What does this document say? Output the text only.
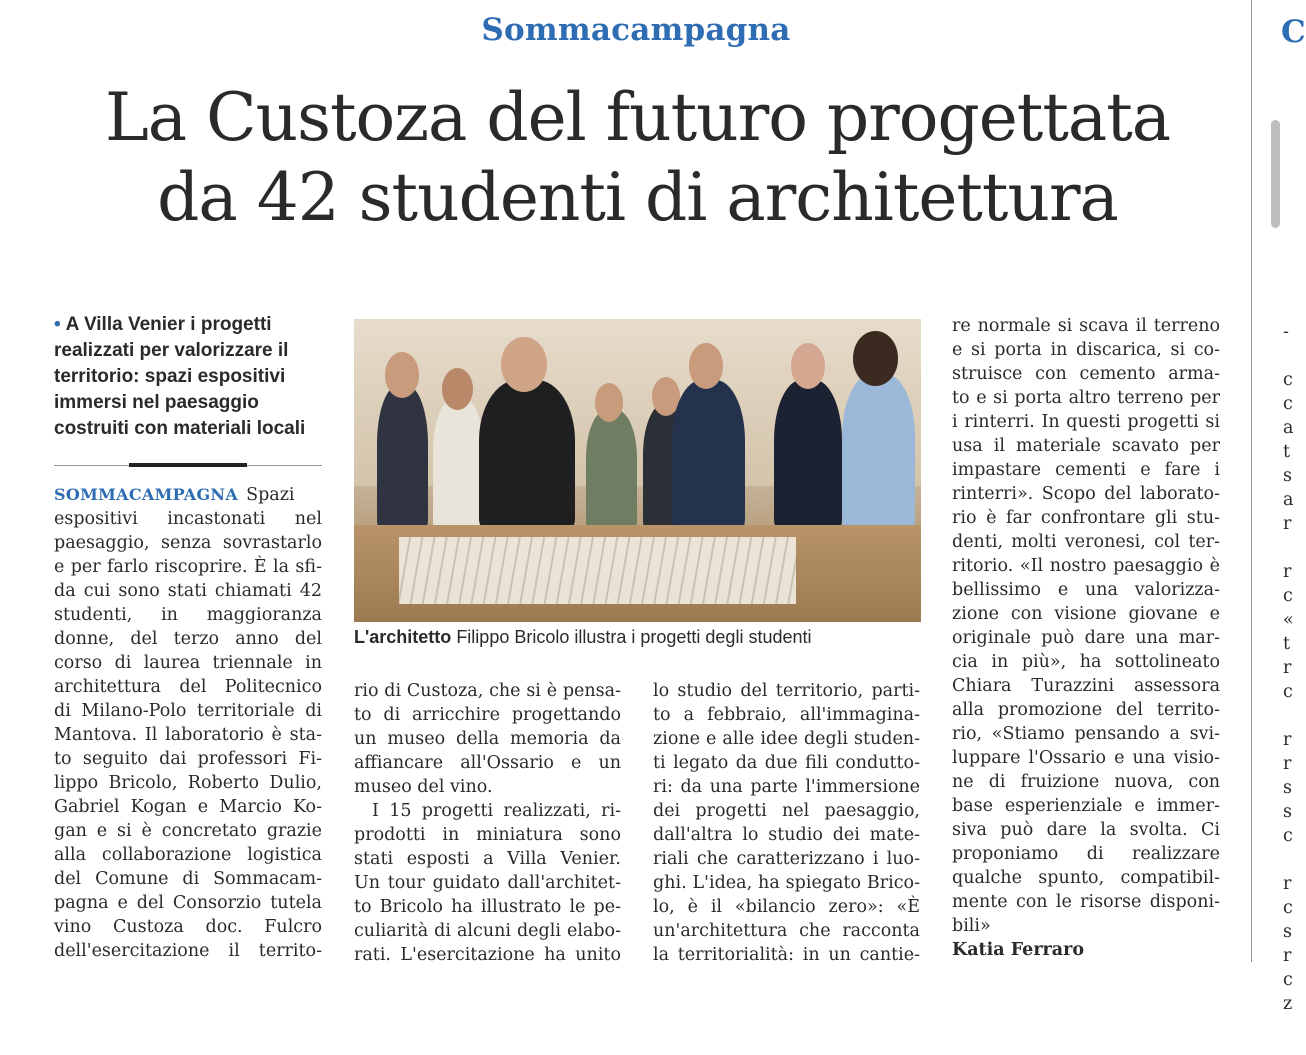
Sommacampagna
La Custoza del futuro progettata
da 42 studenti di architettura
• A Villa Venier i progetti realizzati per valorizzare il territorio: spazi espositivi immersi nel paesaggio costruiti con materiali locali
SOMMACAMPAGNA Spazi
espositivi incastonati nel
paesaggio, senza sovrastarlo
e per farlo riscoprire. È la sfi-
da cui sono stati chiamati 42
studenti, in maggioranza
donne, del terzo anno del
corso di laurea triennale in
architettura del Politecnico
di Milano-Polo territoriale di
Mantova. Il laboratorio è sta-
to seguito dai professori Fi-
lippo Bricolo, Roberto Dulio,
Gabriel Kogan e Marcio Ko-
gan e si è concretato grazie
alla collaborazione logistica
del Comune di Sommacam-
pagna e del Consorzio tutela
vino Custoza doc. Fulcro
dell'esercitazione il territo-
L'architetto Filippo Bricolo illustra i progetti degli studenti
rio di Custoza, che si è pensa-
to di arricchire progettando
un museo della memoria da
affiancare all'Ossario e un
museo del vino.
I 15 progetti realizzati, ri-
prodotti in miniatura sono
stati esposti a Villa Venier.
Un tour guidato dall'architet-
to Bricolo ha illustrato le pe-
culiarità di alcuni degli elabo-
rati. L'esercitazione ha unito
lo studio del territorio, parti-
to a febbraio, all'immagina-
zione e alle idee degli studen-
ti legato da due fili condutto-
ri: da una parte l'immersione
dei progetti nel paesaggio,
dall'altra lo studio dei mate-
riali che caratterizzano i luo-
ghi. L'idea, ha spiegato Brico-
lo, è il «bilancio zero»: «È
un'architettura che racconta
la territorialità: in un cantie-
re normale si scava il terreno
e si porta in discarica, si co-
struisce con cemento arma-
to e si porta altro terreno per
i rinterri. In questi progetti si
usa il materiale scavato per
impastare cementi e fare i
rinterri». Scopo del laborato-
rio è far confrontare gli stu-
denti, molti veronesi, col ter-
ritorio. «Il nostro paesaggio è
bellissimo e una valorizza-
zione con visione giovane e
originale può dare una mar-
cia in più», ha sottolineato
Chiara Turazzini assessora
alla promozione del territo-
rio, «Stiamo pensando a svi-
luppare l'Ossario e una visio-
ne di fruizione nuova, con
base esperienziale e immer-
siva può dare la svolta. Ci
proponiamo di realizzare
qualche spunto, compatibil-
mente con le risorse disponi-
bili»
Katia Ferraro
C
-

c
c
a
t
s
a
r

r
c
«
t
r
c

r
r
s
s
c

r
c
s
r
c
z
